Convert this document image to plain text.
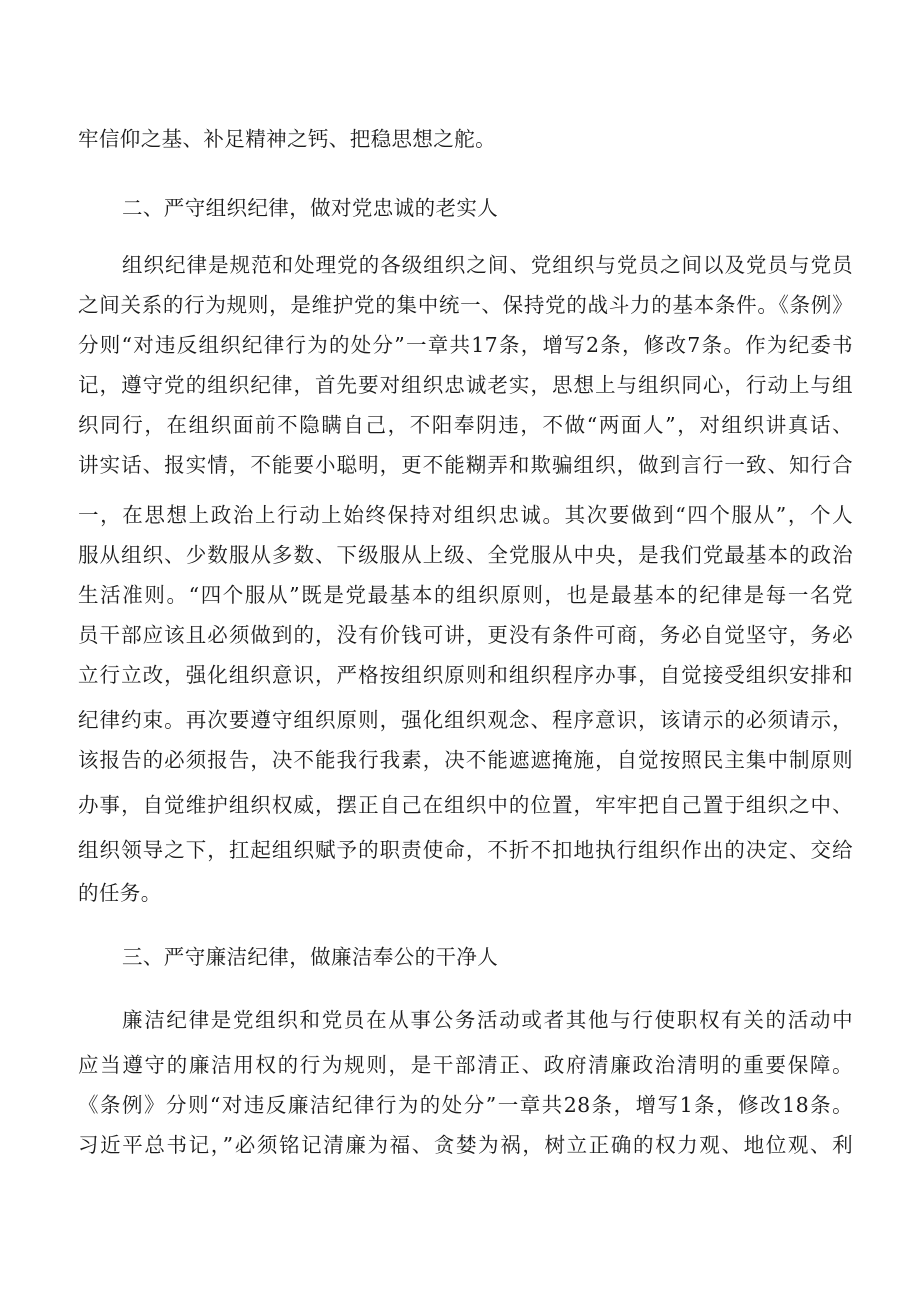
牢信仰之基、补足精神之钙、把稳思想之舵。
二、严守组织纪律，做对党忠诚的老实人
组织纪律是规范和处理党的各级组织之间、党组织与党员之间以及党员与党员
之间关系的行为规则，是维护党的集中统一、保持党的战斗力的基本条件。《条例》
分则“对违反组织纪律行为的处分”一章共17条，增写2条，修改7条。作为纪委书
记，遵守党的组织纪律，首先要对组织忠诚老实，思想上与组织同心，行动上与组
织同行，在组织面前不隐瞒自己，不阳奉阴违，不做“两面人”，对组织讲真话、
讲实话、报实情，不能要小聪明，更不能糊弄和欺骗组织，做到言行一致、知行合
一，在思想上政治上行动上始终保持对组织忠诚。其次要做到“四个服从”，个人
服从组织、少数服从多数、下级服从上级、全党服从中央，是我们党最基本的政治
生活准则。“四个服从”既是党最基本的组织原则，也是最基本的纪律是每一名党
员干部应该且必须做到的，没有价钱可讲，更没有条件可商，务必自觉坚守，务必
立行立改，强化组织意识，严格按组织原则和组织程序办事，自觉接受组织安排和
纪律约束。再次要遵守组织原则，强化组织观念、程序意识，该请示的必须请示，
该报告的必须报告，决不能我行我素，决不能遮遮掩施，自觉按照民主集中制原则
办事，自觉维护组织权威，摆正自己在组织中的位置，牢牢把自己置于组织之中、
组织领导之下，扛起组织赋予的职责使命，不折不扣地执行组织作出的决定、交给
的任务。
三、严守廉洁纪律，做廉洁奉公的干净人
廉洁纪律是党组织和党员在从事公务活动或者其他与行使职权有关的活动中
应当遵守的廉洁用权的行为规则，是干部清正、政府清廉政治清明的重要保障。
《条例》分则“对违反廉洁纪律行为的处分”一章共28条，增写1条，修改18条。
习近平总书记，”必须铭记清廉为福、贪婪为祸，树立正确的权力观、地位观、利
